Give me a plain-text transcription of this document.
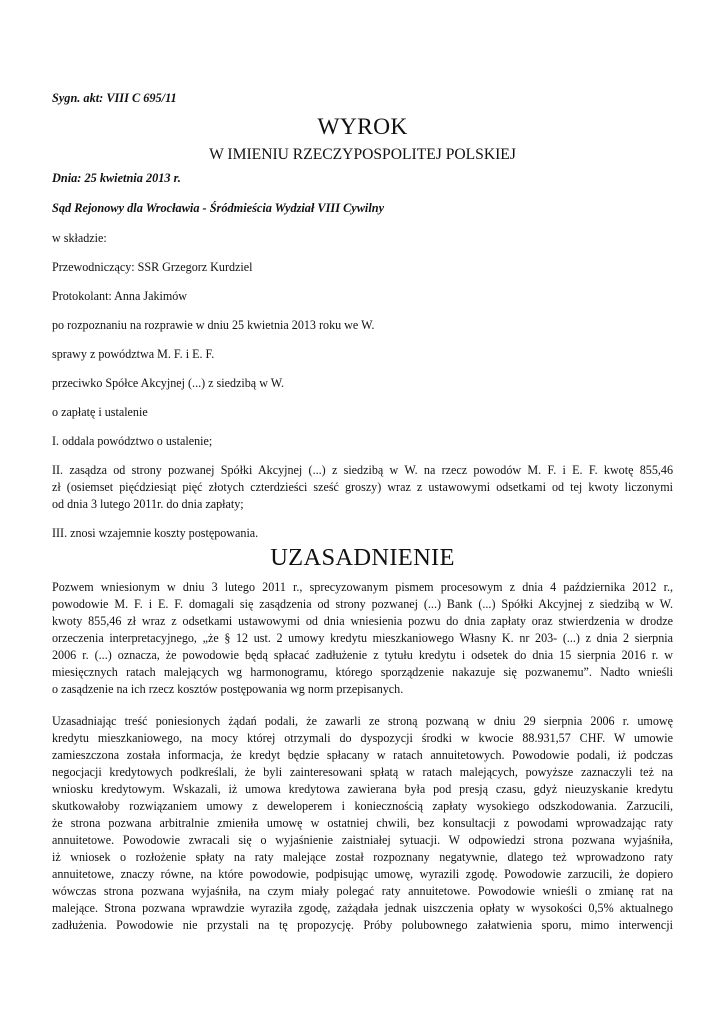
Sygn. akt: VIII C 695/11
WYROK
W IMIENIU RZECZYPOSPOLITEJ POLSKIEJ
Dnia: 25 kwietnia 2013 r.
Sąd Rejonowy dla Wrocławia - Śródmieścia Wydział VIII Cywilny
w składzie:
Przewodniczący: SSR Grzegorz Kurdziel
Protokolant: Anna Jakimów
po rozpoznaniu na rozprawie w dniu 25 kwietnia 2013 roku we W.
sprawy z powództwa M. F. i E. F.
przeciwko Spółce Akcyjnej (...) z siedzibą w W.
o zapłatę i ustalenie
I. oddala powództwo o ustalenie;
II. zasądza od strony pozwanej Spółki Akcyjnej (...) z siedzibą w W. na rzecz powodów M. F. i E. F. kwotę 855,46
zł (osiemset pięćdziesiąt pięć złotych czterdzieści sześć groszy) wraz z ustawowymi odsetkami od tej kwoty liczonymi
od dnia 3 lutego 2011r. do dnia zapłaty;
III. znosi wzajemnie koszty postępowania.
UZASADNIENIE
Pozwem wniesionym w dniu 3 lutego 2011 r., sprecyzowanym pismem procesowym z dnia 4 października 2012 r.,
powodowie M. F. i E. F. domagali się zasądzenia od strony pozwanej (...) Bank (...) Spółki Akcyjnej z siedzibą w W.
kwoty 855,46 zł wraz z odsetkami ustawowymi od dnia wniesienia pozwu do dnia zapłaty oraz stwierdzenia w drodze
orzeczenia interpretacyjnego, „że § 12 ust. 2 umowy kredytu mieszkaniowego Własny K. nr 203- (...) z dnia 2 sierpnia
2006 r. (...) oznacza, że powodowie będą spłacać zadłużenie z tytułu kredytu i odsetek do dnia 15 sierpnia 2016 r. w
miesięcznych ratach malejących wg harmonogramu, którego sporządzenie nakazuje się pozwanemu”. Nadto wnieśli
o zasądzenie na ich rzecz kosztów postępowania wg norm przepisanych.
Uzasadniając treść poniesionych żądań podali, że zawarli ze stroną pozwaną w dniu 29 sierpnia 2006 r. umowę
kredytu mieszkaniowego, na mocy której otrzymali do dyspozycji środki w kwocie 88.931,57 CHF. W umowie
zamieszczona została informacja, że kredyt będzie spłacany w ratach annuitetowych. Powodowie podali, iż podczas
negocjacji kredytowych podkreślali, że byli zainteresowani spłatą w ratach malejących, powyższe zaznaczyli też na
wniosku kredytowym. Wskazali, iż umowa kredytowa zawierana była pod presją czasu, gdyż nieuzyskanie kredytu
skutkowałoby rozwiązaniem umowy z deweloperem i koniecznością zapłaty wysokiego odszkodowania. Zarzucili,
że strona pozwana arbitralnie zmieniła umowę w ostatniej chwili, bez konsultacji z powodami wprowadzając raty
annuitetowe. Powodowie zwracali się o wyjaśnienie zaistniałej sytuacji. W odpowiedzi strona pozwana wyjaśniła,
iż wniosek o rozłożenie spłaty na raty malejące został rozpoznany negatywnie, dlatego też wprowadzono raty
annuitetowe, znaczy równe, na które powodowie, podpisując umowę, wyrazili zgodę. Powodowie zarzucili, że dopiero
wówczas strona pozwana wyjaśniła, na czym miały polegać raty annuitetowe. Powodowie wnieśli o zmianę rat na
malejące. Strona pozwana wprawdzie wyraziła zgodę, zażądała jednak uiszczenia opłaty w wysokości 0,5% aktualnego
zadłużenia. Powodowie nie przystali na tę propozycję. Próby polubownego załatwienia sporu, mimo interwencji
